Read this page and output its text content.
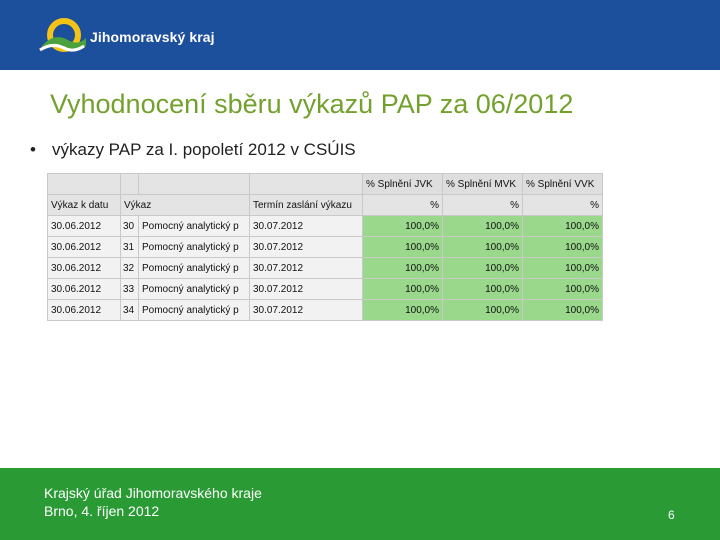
Jihomoravský kraj
Vyhodnocení sběru výkazů PAP za 06/2012
• výkazy PAP za I. popoletí 2012 v CSÚIS
				% Splnění JVK	% Splnění MVK	% Splnění VVK
Výkaz k datu	Výkaz		Termín zaslání výkazu	%	%	%
30.06.2012	30	Pomocný analytický p	30.07.2012	100,0%	100,0%	100,0%
30.06.2012	31	Pomocný analytický p	30.07.2012	100,0%	100,0%	100,0%
30.06.2012	32	Pomocný analytický p	30.07.2012	100,0%	100,0%	100,0%
30.06.2012	33	Pomocný analytický p	30.07.2012	100,0%	100,0%	100,0%
30.06.2012	34	Pomocný analytický p	30.07.2012	100,0%	100,0%	100,0%
Krajský úřad Jihomoravského kraje
Brno, 4. říjen 2012	6
